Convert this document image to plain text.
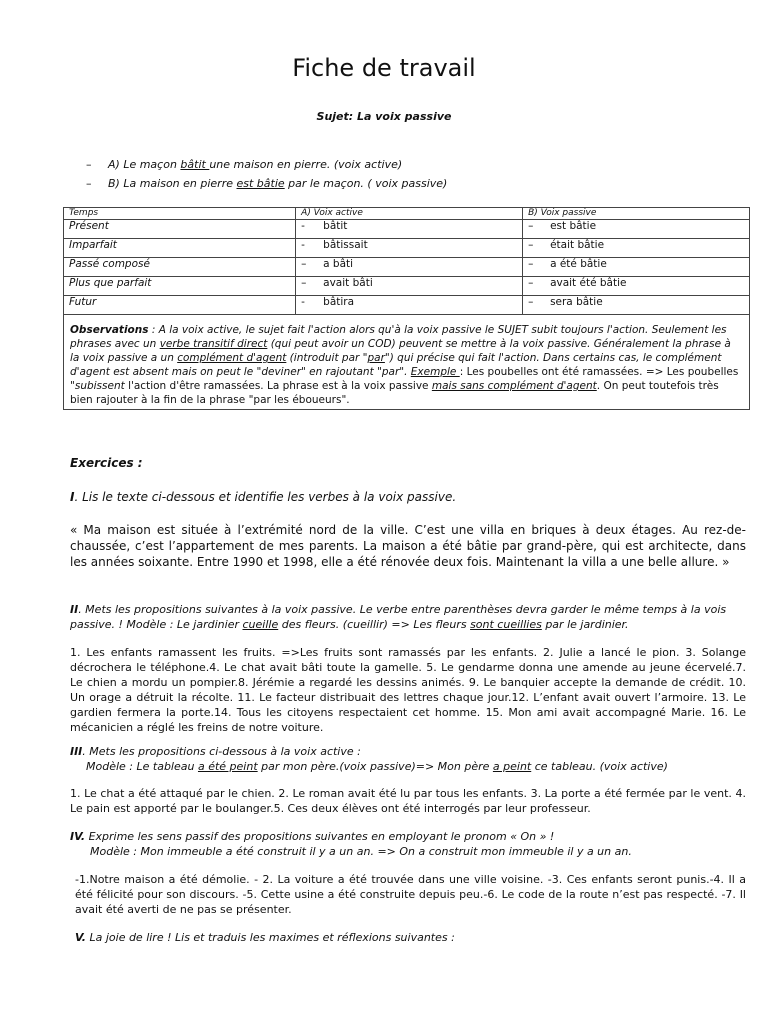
Fiche de travail
Sujet: La voix passive
– A) Le maçon bâtit une maison en pierre. (voix active)
– B) La maison en pierre est bâtie par le maçon. ( voix passive)
Temps	A) Voix active	B) Voix passive
Présent	- bâtit	– est bâtie
Imparfait	- bâtissait	– était bâtie
Passé composé	– a bâti	– a été bâtie
Plus que parfait	– avait bâti	– avait été bâtie
Futur	- bâtira	– sera bâtie
Observations : A la voix active, le sujet fait l'action alors qu'à la voix passive le SUJET subit toujours l'action. Seulement les phrases avec un verbe transitif direct (qui peut avoir un COD) peuvent se mettre à la voix passive. Généralement la phrase à la voix passive a un complément d'agent (introduit par "par") qui précise qui fait l'action. Dans certains cas, le complément d'agent est absent mais on peut le "deviner" en rajoutant "par". Exemple : Les poubelles ont été ramassées. => Les poubelles "subissent l'action d'être ramassées. La phrase est à la voix passive mais sans complément d'agent. On peut toutefois très bien rajouter à la fin de la phrase "par les éboueurs".		
Exercices :
I. Lis le texte ci-dessous et identifie les verbes à la voix passive.
« Ma maison est située à l’extrémité nord de la ville. C’est une villa en briques à deux étages. Au rez-de-chaussée, c’est l’appartement de mes parents. La maison a été bâtie par grand-père, qui est architecte, dans les années soixante. Entre 1990 et 1998, elle a été rénovée deux fois. Maintenant la villa a une belle allure. »
II. Mets les propositions suivantes à la voix passive. Le verbe entre parenthèses devra garder le même temps à la vois passive. ! Modèle : Le jardinier cueille des fleurs. (cueillir) => Les fleurs sont cueillies par le jardinier.
1. Les enfants ramassent les fruits. =>Les fruits sont ramassés par les enfants. 2. Julie a lancé le pion. 3. Solange décrochera le téléphone.4. Le chat avait bâti toute la gamelle. 5. Le gendarme donna une amende au jeune écervelé.7. Le chien a mordu un pompier.8. Jérémie a regardé les dessins animés. 9. Le banquier accepte la demande de crédit. 10. Un orage a détruit la récolte. 11. Le facteur distribuait des lettres chaque jour.12. L’enfant avait ouvert l’armoire. 13. Le gardien fermera la porte.14. Tous les citoyens respectaient cet homme. 15. Mon ami avait accompagné Marie. 16. Le mécanicien a réglé les freins de notre voiture.
III. Mets les propositions ci-dessous à la voix active :
Modèle : Le tableau a été peint par mon père.(voix passive)=> Mon père a peint ce tableau. (voix active)
1. Le chat a été attaqué par le chien. 2. Le roman avait été lu par tous les enfants. 3. La porte a été fermée par le vent. 4. Le pain est apporté par le boulanger.5. Ces deux élèves ont été interrogés par leur professeur.
IV. Exprime les sens passif des propositions suivantes en employant le pronom « On » !
Modèle : Mon immeuble a été construit il y a un an. => On a construit mon immeuble il y a un an.
-1.Notre maison a été démolie. - 2. La voiture a été trouvée dans une ville voisine. -3. Ces enfants seront punis.-4. Il a été félicité pour son discours. -5. Cette usine a été construite depuis peu.-6. Le code de la route n’est pas respecté. -7. Il avait été averti de ne pas se présenter.
V. La joie de lire ! Lis et traduis les maximes et réflexions suivantes :
